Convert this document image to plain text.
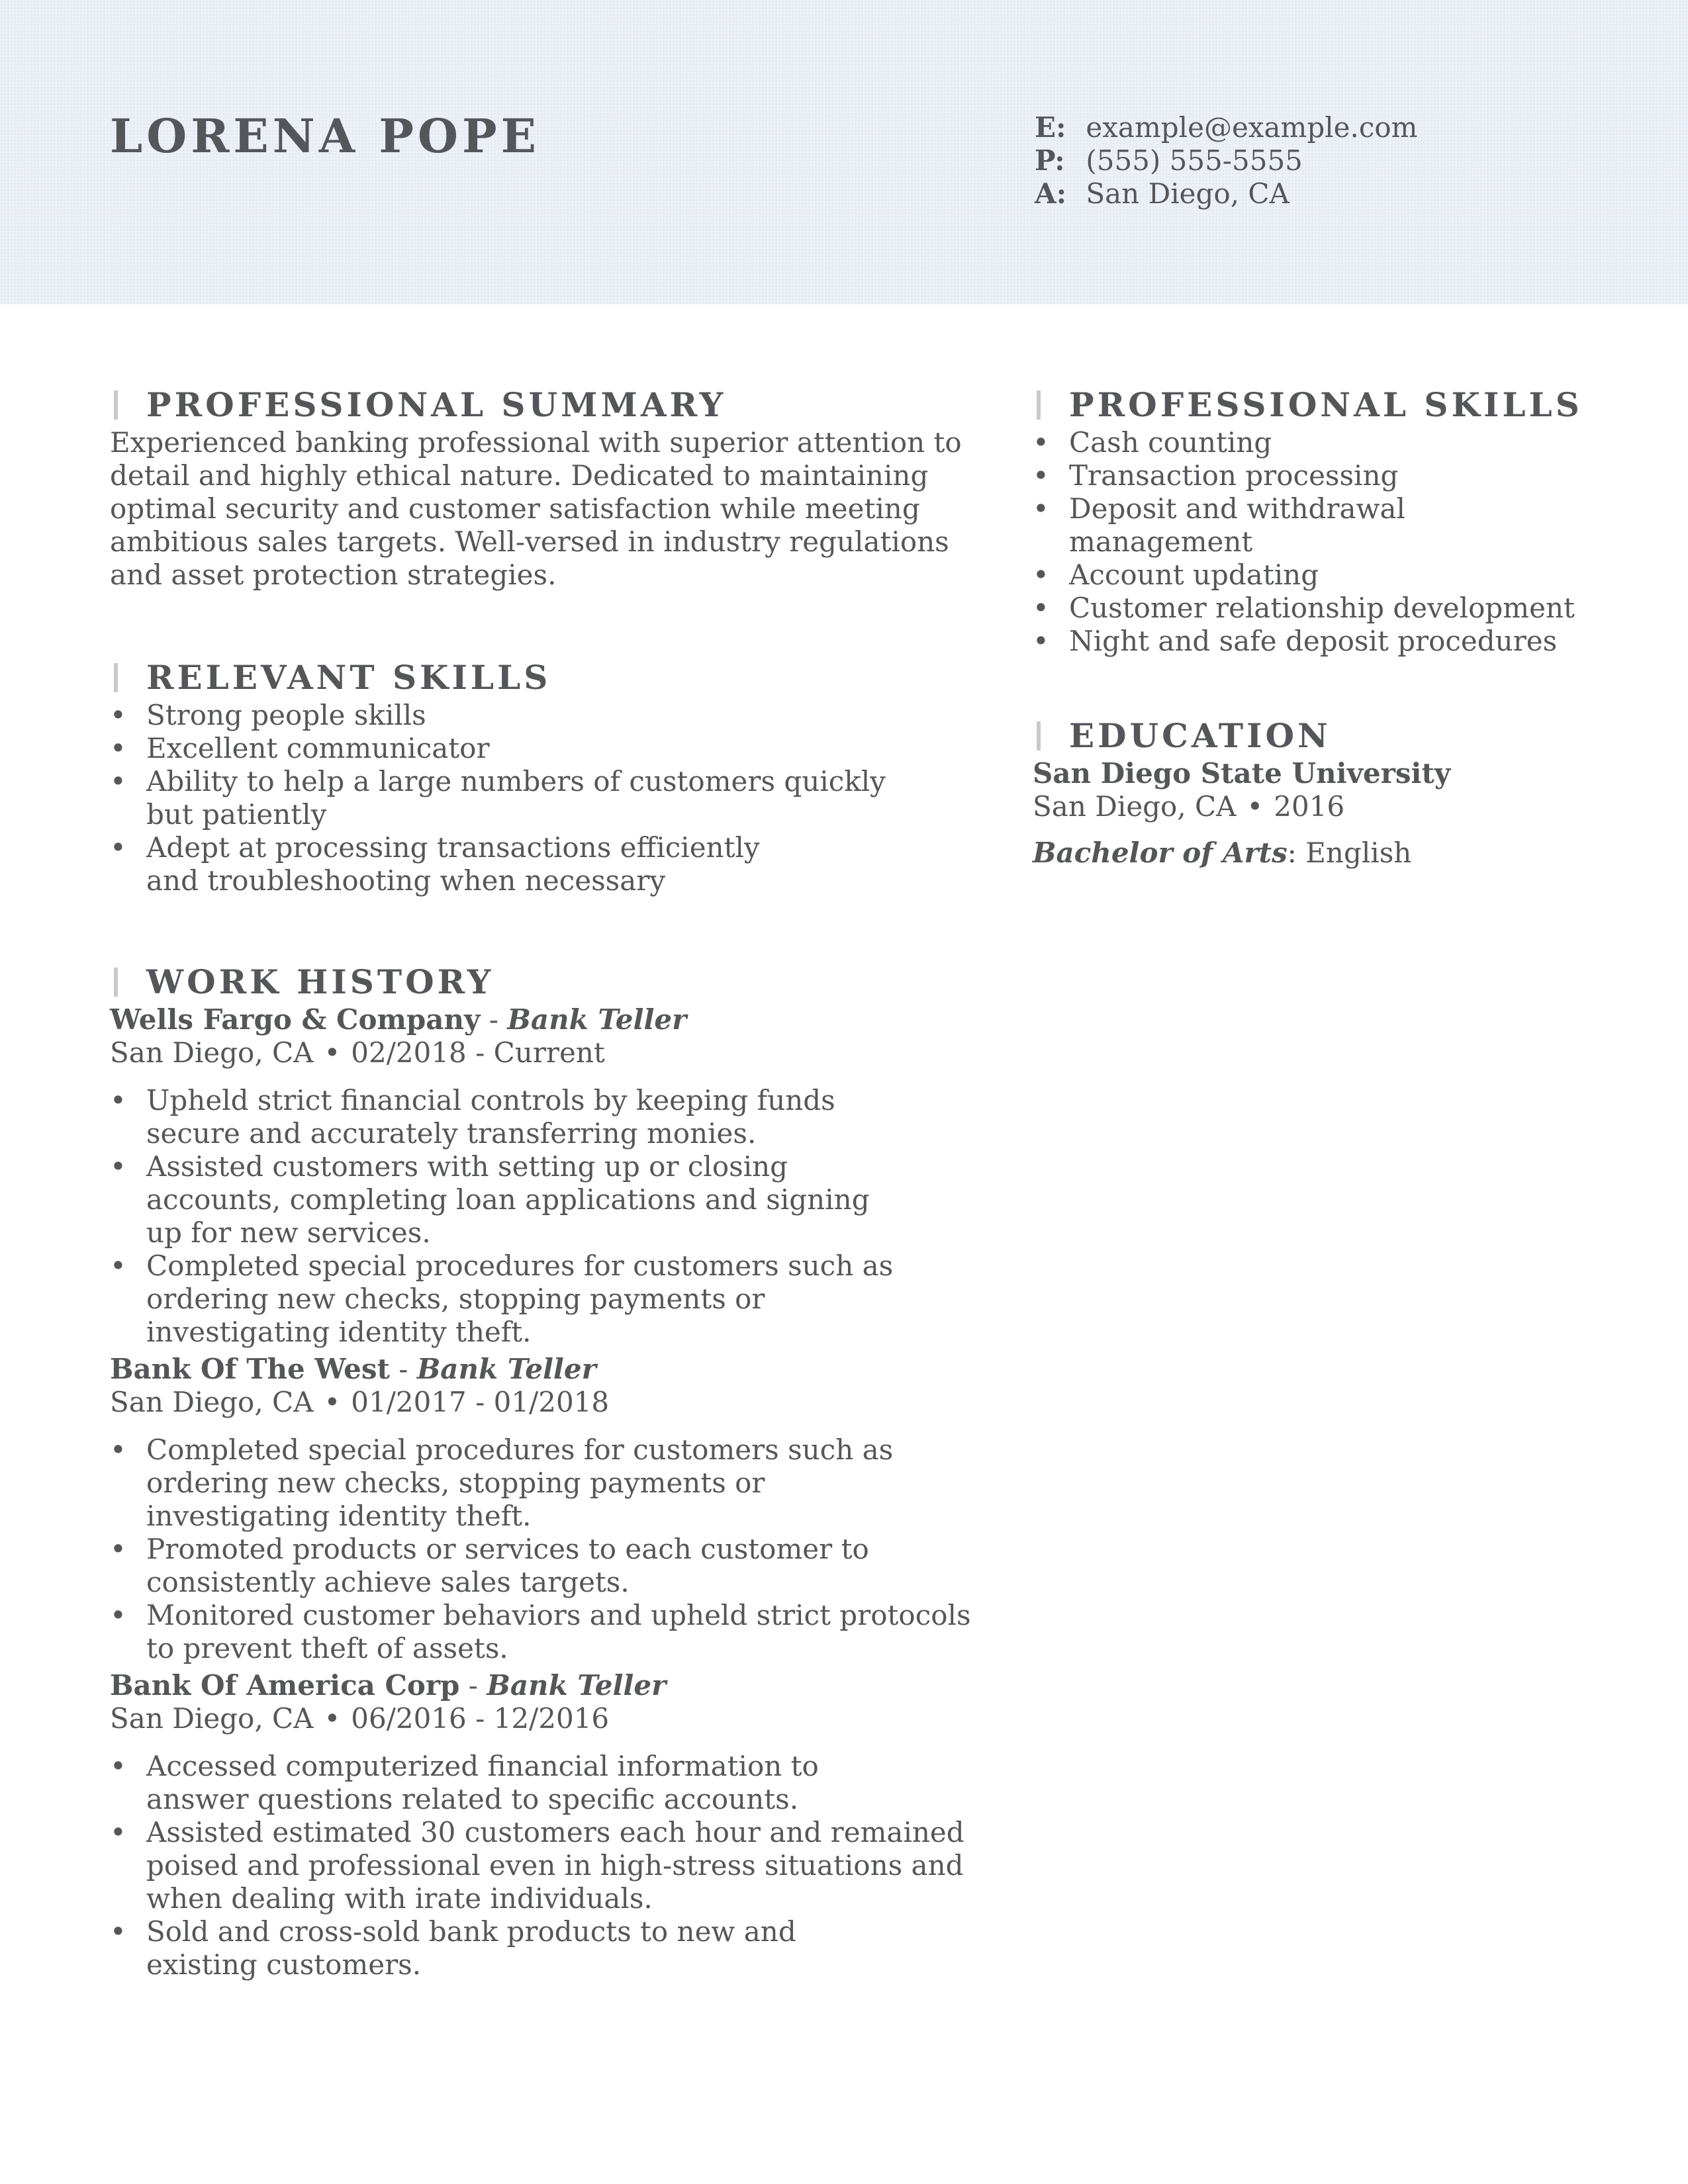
LORENA POPE	E: example@example.com
P: (555) 555-5555
A: San Diego, CA
PROFESSIONAL SUMMARY
Experienced banking professional with superior attention to
detail and highly ethical nature. Dedicated to maintaining
optimal security and customer satisfaction while meeting
ambitious sales targets. Well-versed in industry regulations
and asset protection strategies.
RELEVANT SKILLS
• Strong people skills
• Excellent communicator
• Ability to help a large numbers of customers quickly but patiently
• Adept at processing transactions efficiently and troubleshooting when necessary
WORK HISTORY
Wells Fargo & Company - Bank Teller
San Diego, CA • 02/2018 - Current
• Upheld strict financial controls by keeping funds secure and accurately transferring monies.
• Assisted customers with setting up or closing accounts, completing loan applications and signing up for new services.
• Completed special procedures for customers such as ordering new checks, stopping payments or investigating identity theft.
Bank Of The West - Bank Teller
San Diego, CA • 01/2017 - 01/2018
• Completed special procedures for customers such as ordering new checks, stopping payments or investigating identity theft.
• Promoted products or services to each customer to consistently achieve sales targets.
• Monitored customer behaviors and upheld strict protocols to prevent theft of assets.
Bank Of America Corp - Bank Teller
San Diego, CA • 06/2016 - 12/2016
• Accessed computerized financial information to answer questions related to specific accounts.
• Assisted estimated 30 customers each hour and remained poised and professional even in high-stress situations and when dealing with irate individuals.
• Sold and cross-sold bank products to new and existing customers.
PROFESSIONAL SKILLS
• Cash counting
• Transaction processing
• Deposit and withdrawal management
• Account updating
• Customer relationship development
• Night and safe deposit procedures
EDUCATION
San Diego State University
San Diego, CA • 2016
Bachelor of Arts: English
